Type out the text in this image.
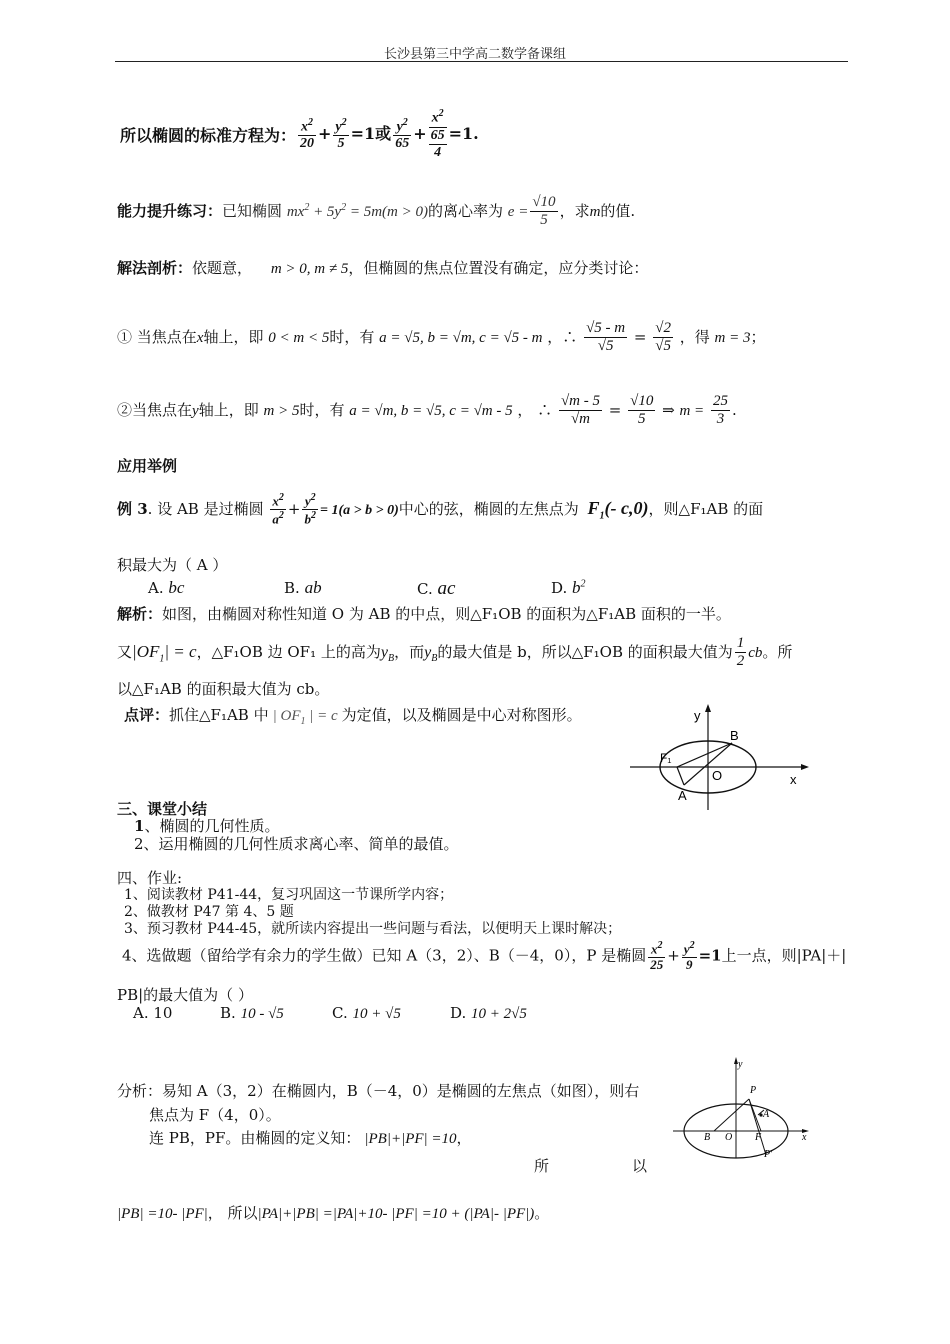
长沙县第三中学高二数学备课组
所以椭圆的标准方程为： $\frac{x^2}{20} + \frac{y^2}{5} =1$或 $\frac{y^2}{65}$ +
$x^2$
65
4
=1.
能力提升练习：已知椭圆 $mx^2 + 5y^2 = 5m(m > 0)$的离心率为 $e = \frac{√10}{5}$ ，求m的值.
解法剖析：依题意， m > 0, m ≠ 5，但椭圆的焦点位置没有确定，应分类讨论：
① 当焦点在x轴上，即 0 < m < 5时，有 a = √5, b = √m, c = √5 - m ，∴ $\frac{√5 - m}{√5} = \frac{√2}{√5}$ ，得 m = 3；
②当焦点在y轴上，即 m > 5时，有 a = √m, b = √5, c = √m - 5 ， ∴ $\frac{√m - 5}{√m} = \frac{√10}{5}$ ⇒ $m = \frac{25}{3}$ .
应用举例
例 3. 设 AB 是过椭圆 $\frac{x^2}{a^2} + \frac{y^2}{b^2} = 1(a > b > 0)$中心的弦，椭圆的左焦点为 $F_1(-$ c,0)，则△F₁AB 的面
积最大为（ A ）
A. bc	B. ab	C. ac	D. $b^2$
解析：如图，由椭圆对称性知道 O 为 AB 的中点，则△F₁OB 的面积为△F₁AB 面积的一半。
又$|OF_1| = c$，△F₁OB 边 OF₁ 上的高为$y_B$，而$y_B$的最大值是 b，所以△F₁OB 的面积最大值为 $\frac{1}{2}$ cb。所
以△F₁AB 的面积最大值为 cb。
点评：抓住△F₁AB 中 | $OF_1$ | = c 为定值，以及椭圆是中心对称图形。	y
B
F₁
O	x
A
三、课堂小结
1、椭圆的几何性质。
2、运用椭圆的几何性质求离心率、简单的最值。
四、作业:
1、阅读教材 P41-44，复习巩固这一节课所学内容；
2、做教材 P47 第 4、5 题
3、预习教材 P44-45，就所读内容提出一些问题与看法，以便明天上课时解决；
4、选做题（留给学有余力的学生做）已知 A（3，2）、B（－4，0），P 是椭圆 $\frac{x^2}{25} + \frac{y^2}{9} =1$上一点，则|PA|＋|
PB|的最大值为（ ）
A. 10	B. 10 - √5	C. 10 + √5	D. 10 + 2√5
分析：易知 A（3，2）在椭圆内，B（－4，0）是椭圆的左焦点（如图），则右
焦点为 F（4，0）。
连 PB，PF。由椭圆的定义知： |PB|+|PF| =10，
所	以
|PB| =10- |PF|， 所以|PA|+|PB| =|PA|+10- |PF| =10 + (|PA|- |PF|)。
y
P
A
B O F	x
P′
